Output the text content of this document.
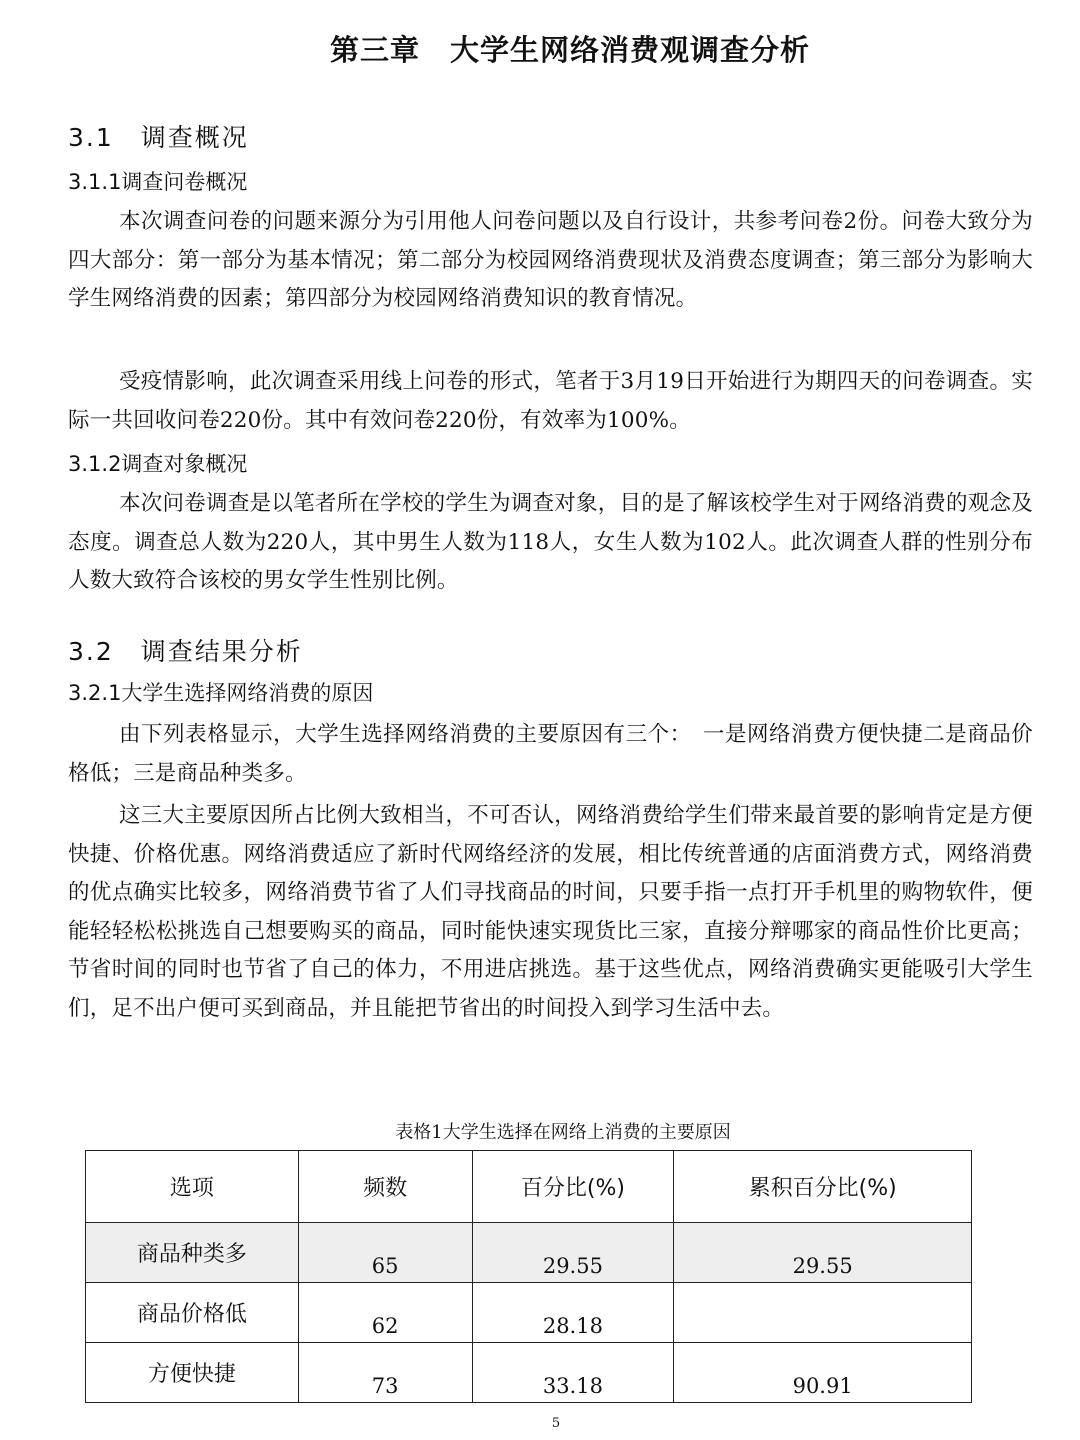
第三章　大学生网络消费观调查分析
3.1　调查概况
3.1.1调查问卷概况
本次调查问卷的问题来源分为引用他人问卷问题以及自行设计，共参考问卷2份。问卷大致分为四大部分：第一部分为基本情况；第二部分为校园网络消费现状及消费态度调查；第三部分为影响大学生网络消费的因素；第四部分为校园网络消费知识的教育情况。
受疫情影响，此次调查采用线上问卷的形式，笔者于3月19日开始进行为期四天的问卷调查。实际一共回收问卷220份。其中有效问卷220份，有效率为100%。
3.1.2调查对象概况
本次问卷调查是以笔者所在学校的学生为调查对象，目的是了解该校学生对于网络消费的观念及态度。调查总人数为220人，其中男生人数为118人，女生人数为102人。此次调查人群的性别分布人数大致符合该校的男女学生性别比例。
3.2　调查结果分析
3.2.1大学生选择网络消费的原因
由下列表格显示，大学生选择网络消费的主要原因有三个：　一是网络消费方便快捷二是商品价格低；三是商品种类多。
这三大主要原因所占比例大致相当，不可否认，网络消费给学生们带来最首要的影响肯定是方便快捷、价格优惠。网络消费适应了新时代网络经济的发展，相比传统普通的店面消费方式，网络消费的优点确实比较多，网络消费节省了人们寻找商品的时间，只要手指一点打开手机里的购物软件，便能轻轻松松挑选自己想要购买的商品，同时能快速实现货比三家，直接分辩哪家的商品性价比更高；节省时间的同时也节省了自己的体力，不用进店挑选。基于这些优点，网络消费确实更能吸引大学生们，足不出户便可买到商品，并且能把节省出的时间投入到学习生活中去。
表格1大学生选择在网络上消费的主要原因
选项	频数	百分比(%)	累积百分比(%)
商品种类多	65	29.55	29.55
商品价格低	62	28.18	
方便快捷	73	33.18	90.91
5
